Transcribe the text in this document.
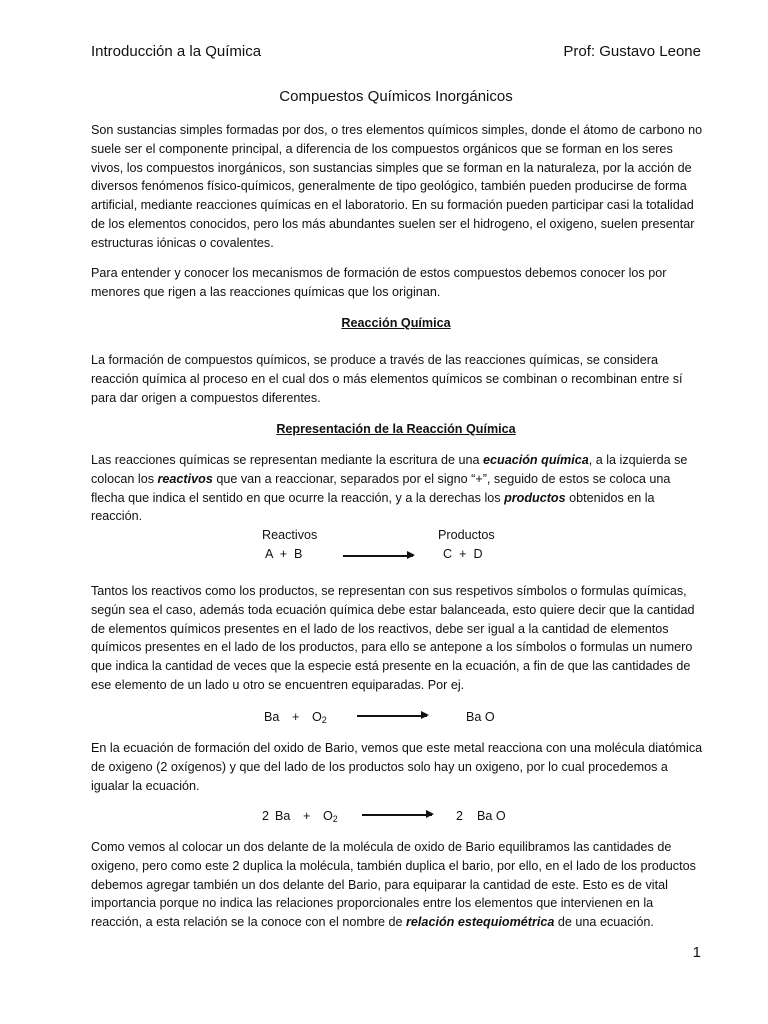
Introducción a la Química	Prof: Gustavo Leone
Compuestos Químicos Inorgánicos

Son sustancias simples formadas por dos, o tres elementos químicos simples, donde el átomo de carbono no suele ser el componente principal, a diferencia de los compuestos orgánicos que se forman en los seres vivos, los compuestos inorgánicos, son sustancias simples que se forman en la naturaleza, por la acción de diversos fenómenos físico-químicos, generalmente de tipo geológico, también pueden producirse de forma artificial, mediante reacciones químicas en el laboratorio. En su formación pueden participar casi la totalidad de los elementos conocidos, pero los más abundantes suelen ser el hidrogeno, el oxigeno, suelen presentar estructuras iónicas o covalentes.

Para entender y conocer los mecanismos de formación de estos compuestos debemos conocer los por menores que rigen a las reacciones químicas que los originan.

Reacción Química

La formación de compuestos químicos, se produce a través de las reacciones químicas, se considera reacción química al proceso en el cual dos o más elementos químicos se combinan o recombinan entre sí para dar origen a compuestos diferentes.

Representación de la Reacción Química

Las reacciones químicas se representan mediante la escritura de una ecuación química, a la izquierda se colocan los reactivos que van a reaccionar, separados por el signo “+”, seguido de estos se coloca una flecha que indica el sentido en que ocurre la reacción, y a la derechas los productos obtenidos en la reacción.

Reactivos	Productos
A  +  B	C  +  D

Tantos los reactivos como los productos, se representan con sus respetivos símbolos o formulas químicas, según sea el caso, además toda ecuación química debe estar balanceada, esto quiere decir que la cantidad de elementos químicos presentes en el lado de los reactivos, debe ser igual a la cantidad de elementos químicos presentes en el lado de los productos, para ello se antepone a los símbolos o formulas un numero que indica la cantidad de veces que la especie está presente en la ecuación, a fin de que las cantidades de ese elemento de un lado u otro se encuentren equiparadas. Por ej.

$Ba + O_2$	Ba O

En la ecuación de formación del oxido de Bario, vemos que este metal reacciona con una molécula diatómica de oxigeno (2 oxígenos) y que del lado de los productos solo hay un oxigeno, por lo cual procedemos a igualar la ecuación.

2 $Ba + O_2$	2 Ba O

Como vemos al colocar un dos delante de la molécula de oxido de Bario equilibramos las cantidades de oxigeno, pero como este 2 duplica la molécula, también duplica el bario, por ello, en el lado de los productos debemos agregar también un dos delante del Bario, para equiparar la cantidad de este. Esto es de vital importancia porque no indica las relaciones proporcionales entre los elementos que intervienen en la reacción, a esta relación se la conoce con el nombre de relación estequiométrica de una ecuación.

1
